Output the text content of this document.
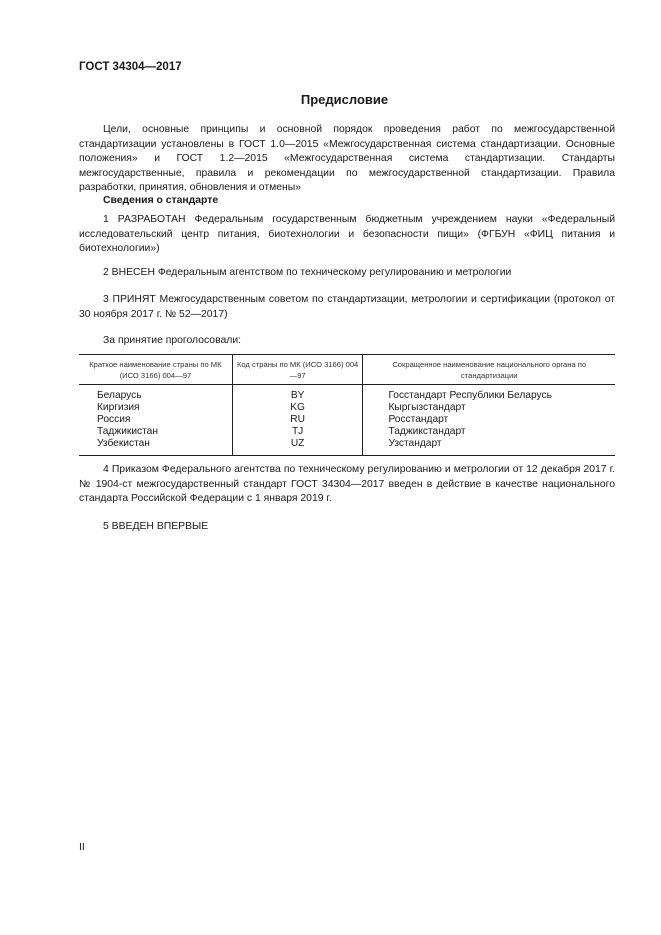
ГОСТ 34304—2017
Предисловие
Цели, основные принципы и основной порядок проведения работ по межгосударственной стандартизации установлены в ГОСТ 1.0—2015 «Межгосударственная система стандартизации. Основные положения» и ГОСТ 1.2—2015 «Межгосударственная система стандартизации. Стандарты межгосударственные, правила и рекомендации по межгосударственной стандартизации. Правила разработки, принятия, обновления и отмены»
Сведения о стандарте
1 РАЗРАБОТАН Федеральным государственным бюджетным учреждением науки «Федеральный исследовательский центр питания, биотехнологии и безопасности пищи» (ФГБУН «ФИЦ питания и биотехнологии»)
2 ВНЕСЕН Федеральным агентством по техническому регулированию и метрологии
3 ПРИНЯТ Межгосударственным советом по стандартизации, метрологии и сертификации (протокол от 30 ноября 2017 г. № 52—2017)
За принятие проголосовали:
Краткое наименование страны по МК (ИСО 3166) 004—97	Код страны по МК (ИСО 3166) 004—97	Сокращенное наименование национального органа по стандартизации
Беларусь	BY	Госстандарт Республики Беларусь
Киргизия	KG	Кыргызстандарт
Россия	RU	Росстандарт
Таджикистан	TJ	Таджикстандарт
Узбекистан	UZ	Узстандарт
4 Приказом Федерального агентства по техническому регулированию и метрологии от 12 декабря 2017 г. № 1904-ст межгосударственный стандарт ГОСТ 34304—2017 введен в действие в качестве национального стандарта Российской Федерации с 1 января 2019 г.
5 ВВЕДЕН ВПЕРВЫЕ
II
